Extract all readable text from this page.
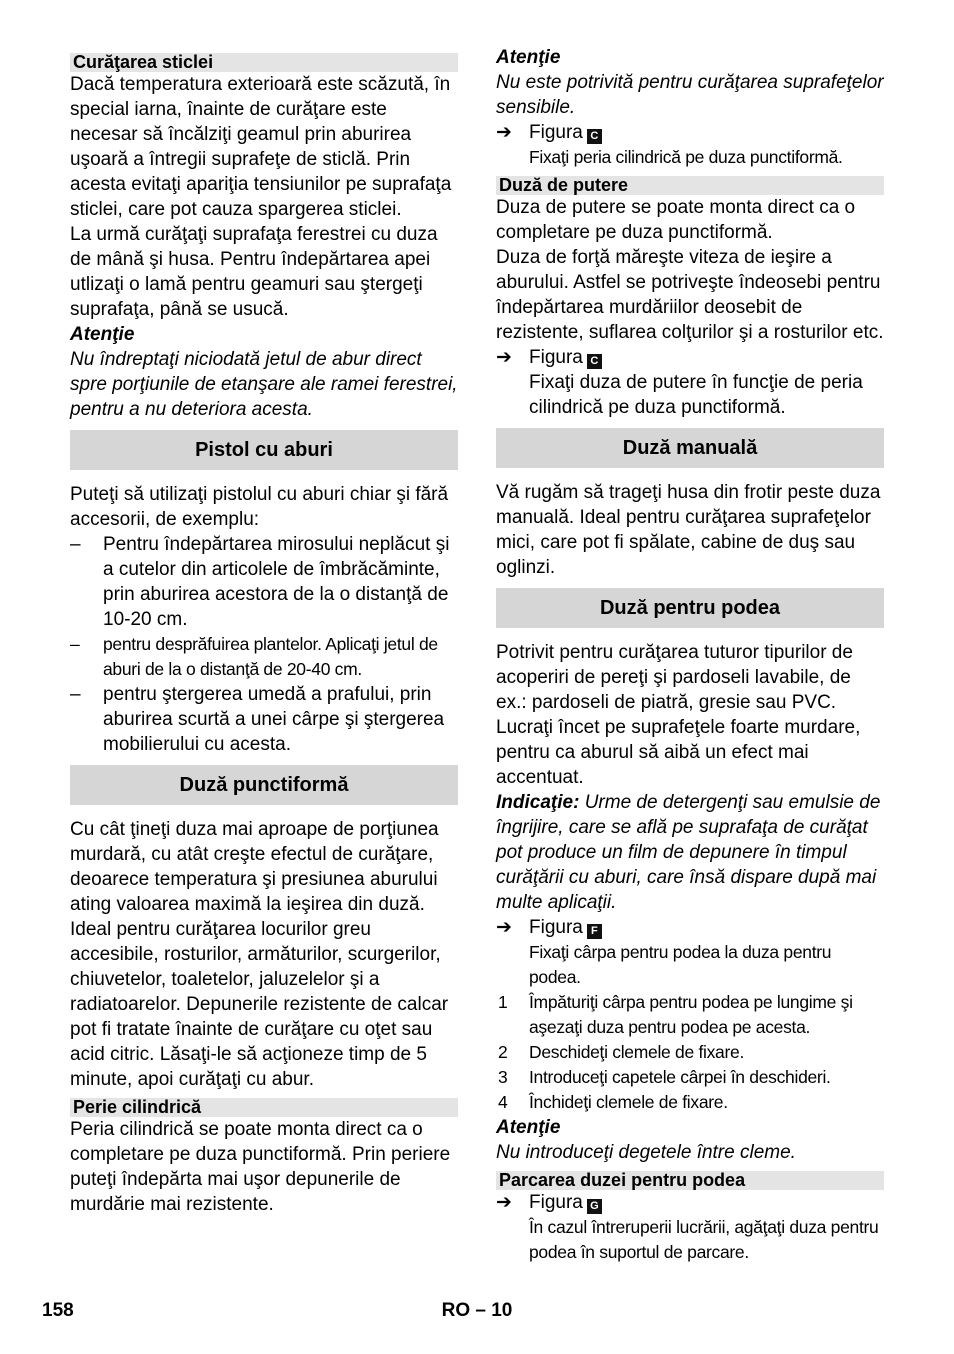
Curăţarea sticlei

Dacă temperatura exterioară este scăzută, în special iarna, înainte de curăţare este necesar să încălziţi geamul prin aburirea uşoară a întregii suprafeţe de sticlă. Prin acesta evitaţi apariţia tensiunilor pe suprafaţa sticlei, care pot cauza spargerea sticlei.

La urmă curăţaţi suprafaţa ferestrei cu duza de mână şi husa. Pentru îndepărtarea apei utlizaţi o lamă pentru geamuri sau ştergeţi suprafaţa, până se usucă.

Atenţie

Nu îndreptaţi niciodată jetul de abur direct spre porţiunile de etanşare ale ramei ferestrei, pentru a nu deteriora acesta.

Pistol cu aburi

Puteţi să utilizaţi pistolul cu aburi chiar şi fără accesorii, de exemplu:

– Pentru îndepărtarea mirosului neplăcut şi a cutelor din articolele de îmbrăcăminte, prin aburirea acestora de la o distanţă de 10-20 cm.

– pentru desprăfuirea plantelor. Aplicaţi jetul de aburi de la o distanţă de 20-40 cm.

– pentru ştergerea umedă a prafului, prin aburirea scurtă a unei cârpe şi ştergerea mobilierului cu acesta.

Duză punctiformă

Cu cât ţineţi duza mai aproape de porţiunea murdară, cu atât creşte efectul de curăţare, deoarece temperatura şi presiunea aburului ating valoarea maximă la ieşirea din duză. Ideal pentru curăţarea locurilor greu accesibile, rosturilor, armăturilor, scurgerilor, chiuvetelor, toaletelor, jaluzelelor şi a radiatoarelor. Depunerile rezistente de calcar pot fi tratate înainte de curăţare cu oţet sau acid citric. Lăsaţi-le să acţioneze timp de 5 minute, apoi curăţaţi cu abur.

Perie cilindrică

Peria cilindrică se poate monta direct ca o completare pe duza punctiformă. Prin periere puteţi îndepărta mai uşor depunerile de murdărie mai rezistente.

Atenţie

Nu este potrivită pentru curăţarea suprafeţelor sensibile.

➔ Figura C

Fixaţi peria cilindrică pe duza punctiformă.

Duză de putere

Duza de putere se poate monta direct ca o completare pe duza punctiformă.

Duza de forţă măreşte viteza de ieşire a aburului. Astfel se potriveşte îndeosebi pentru îndepărtarea murdăriilor deosebit de rezistente, suflarea colţurilor şi a rosturilor etc.

➔ Figura C

Fixaţi duza de putere în funcţie de peria cilindrică pe duza punctiformă.

Duză manuală

Vă rugăm să trageţi husa din frotir peste duza manuală. Ideal pentru curăţarea suprafeţelor mici, care pot fi spălate, cabine de duş sau oglinzi.

Duză pentru podea

Potrivit pentru curăţarea tuturor tipurilor de acoperiri de pereţi şi pardoseli lavabile, de ex.: pardoseli de piatră, gresie sau PVC. Lucraţi încet pe suprafeţele foarte murdare, pentru ca aburul să aibă un efect mai accentuat.

Indicaţie: Urme de detergenţi sau emulsie de îngrijire, care se află pe suprafaţa de curăţat pot produce un film de depunere în timpul curăţării cu aburi, care însă dispare după mai multe aplicaţii.

➔ Figura F

Fixaţi cârpa pentru podea la duza pentru podea.

1 Împăturiţi cârpa pentru podea pe lungime şi aşezaţi duza pentru podea pe acesta.

2 Deschideţi clemele de fixare.

3 Introduceţi capetele cârpei în deschideri.

4 Închideţi clemele de fixare.

Atenţie

Nu introduceţi degetele între cleme.

Parcarea duzei pentru podea

➔ Figura G

În cazul întreruperii lucrării, agăţaţi duza pentru podea în suportul de parcare.

158	RO – 10
